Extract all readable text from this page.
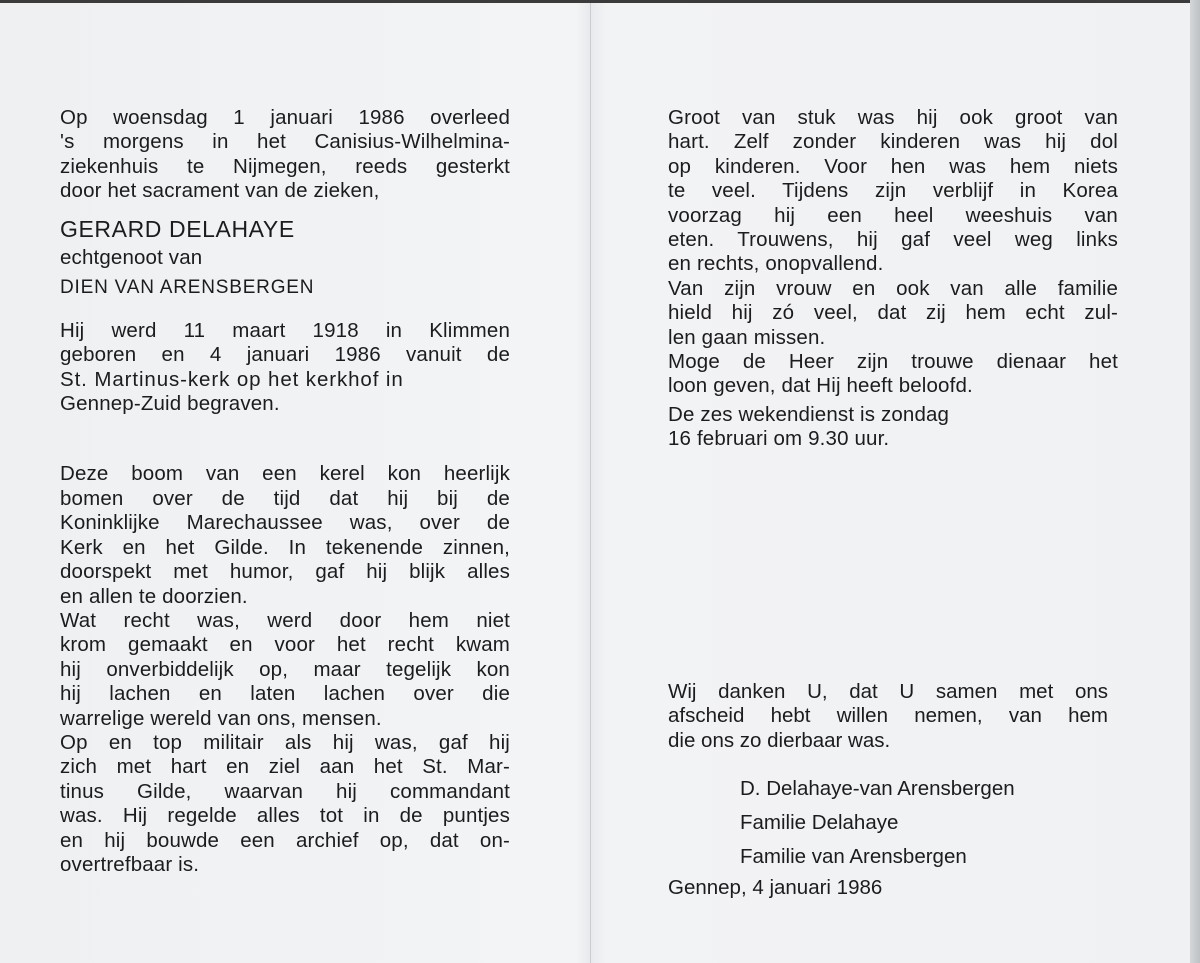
Op woensdag 1 januari 1986 overleed
's morgens in het Canisius-Wilhelmina-
ziekenhuis te Nijmegen, reeds gesterkt
door het sacrament van de zieken,
GERARD DELAHAYE
echtgenoot van
DIEN VAN ARENSBERGEN
Hij werd 11 maart 1918 in Klimmen
geboren en 4 januari 1986 vanuit de
St. Martinus-kerk op het kerkhof in
Gennep-Zuid begraven.
Deze boom van een kerel kon heerlijk
bomen over de tijd dat hij bij de
Koninklijke Marechaussee was, over de
Kerk en het Gilde. In tekenende zinnen,
doorspekt met humor, gaf hij blijk alles
en allen te doorzien.
Wat recht was, werd door hem niet
krom gemaakt en voor het recht kwam
hij onverbiddelijk op, maar tegelijk kon
hij lachen en laten lachen over die
warrelige wereld van ons, mensen.
Op en top militair als hij was, gaf hij
zich met hart en ziel aan het St. Mar-
tinus Gilde, waarvan hij commandant
was. Hij regelde alles tot in de puntjes
en hij bouwde een archief op, dat on-
overtrefbaar is.
Groot van stuk was hij ook groot van
hart. Zelf zonder kinderen was hij dol
op kinderen. Voor hen was hem niets
te veel. Tijdens zijn verblijf in Korea
voorzag hij een heel weeshuis van
eten. Trouwens, hij gaf veel weg links
en rechts, onopvallend.
Van zijn vrouw en ook van alle familie
hield hij zó veel, dat zij hem echt zul-
len gaan missen.
Moge de Heer zijn trouwe dienaar het
loon geven, dat Hij heeft beloofd.
De zes wekendienst is zondag
16 februari om 9.30 uur.
Wij danken U, dat U samen met ons
afscheid hebt willen nemen, van hem
die ons zo dierbaar was.
D. Delahaye-van Arensbergen
Familie Delahaye
Familie van Arensbergen
Gennep, 4 januari 1986
